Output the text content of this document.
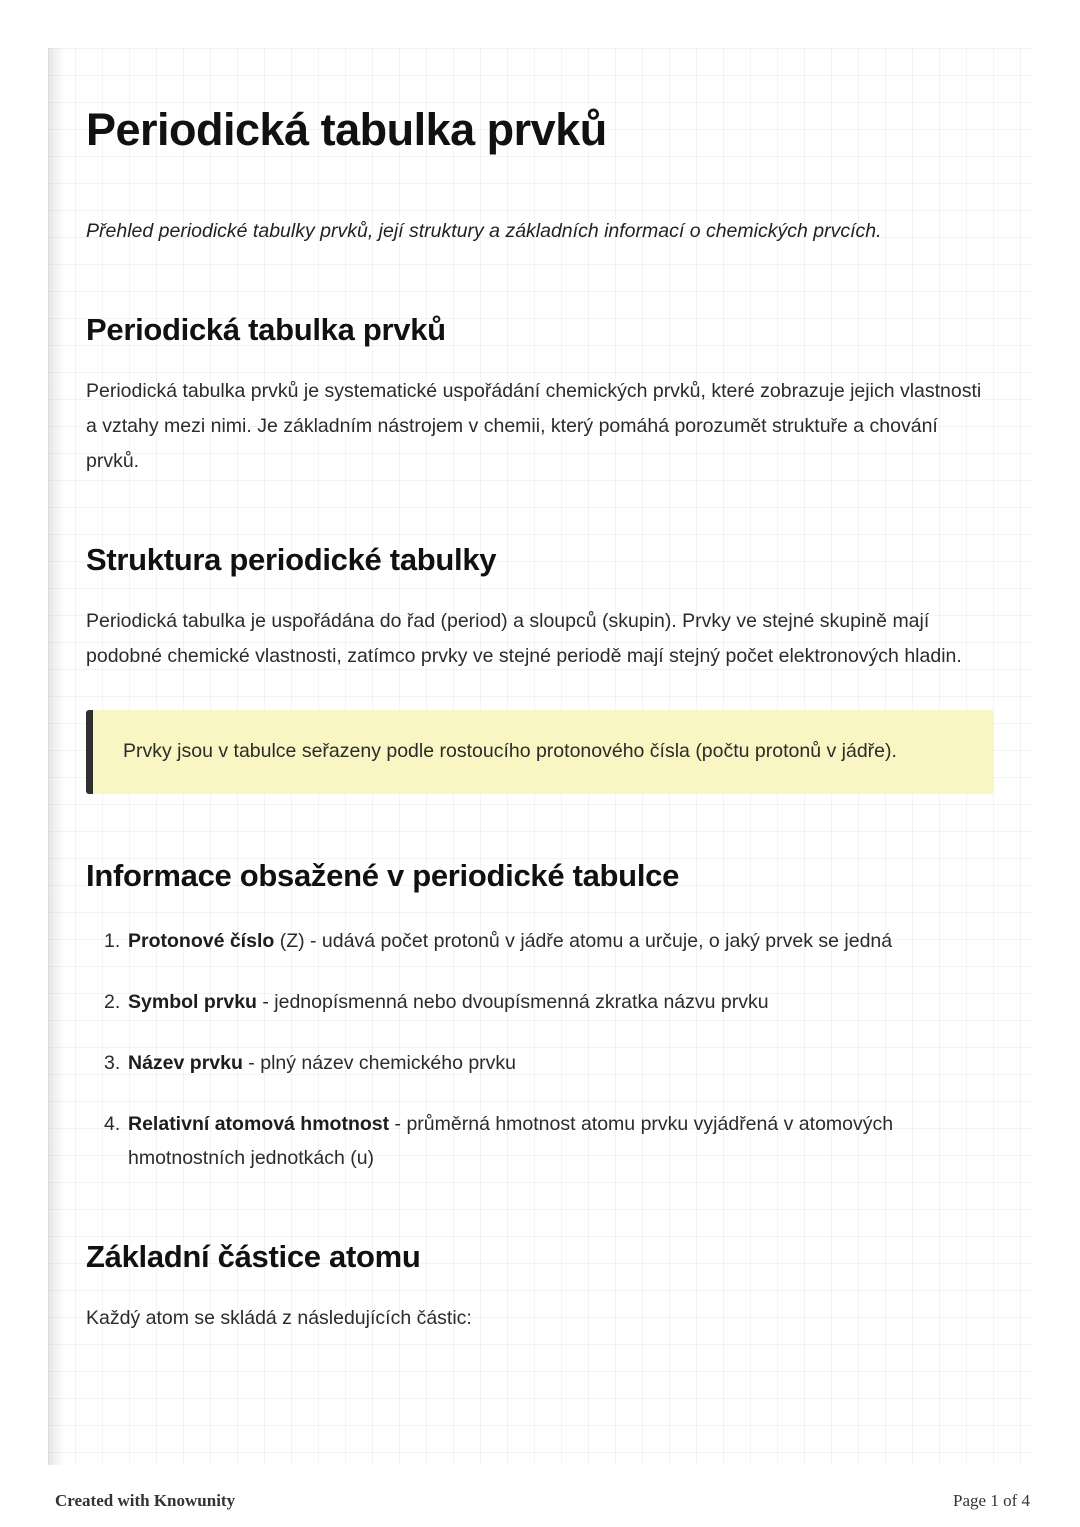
Periodická tabulka prvků

Přehled periodické tabulky prvků, její struktury a základních informací o chemických prvcích.

Periodická tabulka prvků

Periodická tabulka prvků je systematické uspořádání chemických prvků, které zobrazuje jejich vlastnosti a vztahy mezi nimi. Je základním nástrojem v chemii, který pomáhá porozumět struktuře a chování prvků.

Struktura periodické tabulky

Periodická tabulka je uspořádána do řad (period) a sloupců (skupin). Prvky ve stejné skupině mají podobné chemické vlastnosti, zatímco prvky ve stejné periodě mají stejný počet elektronových hladin.

Prvky jsou v tabulce seřazeny podle rostoucího protonového čísla (počtu protonů v jádře).

Informace obsažené v periodické tabulce
1. Protonové číslo (Z) - udává počet protonů v jádře atomu a určuje, o jaký prvek se jedná
2. Symbol prvku - jednopísmenná nebo dvoupísmenná zkratka názvu prvku
3. Název prvku - plný název chemického prvku
4. Relativní atomová hmotnost - průměrná hmotnost atomu prvku vyjádřená v atomových hmotnostních jednotkách (u)
Základní částice atomu

Každý atom se skládá z následujících částic:

Created with Knowunity	Page 1 of 4
